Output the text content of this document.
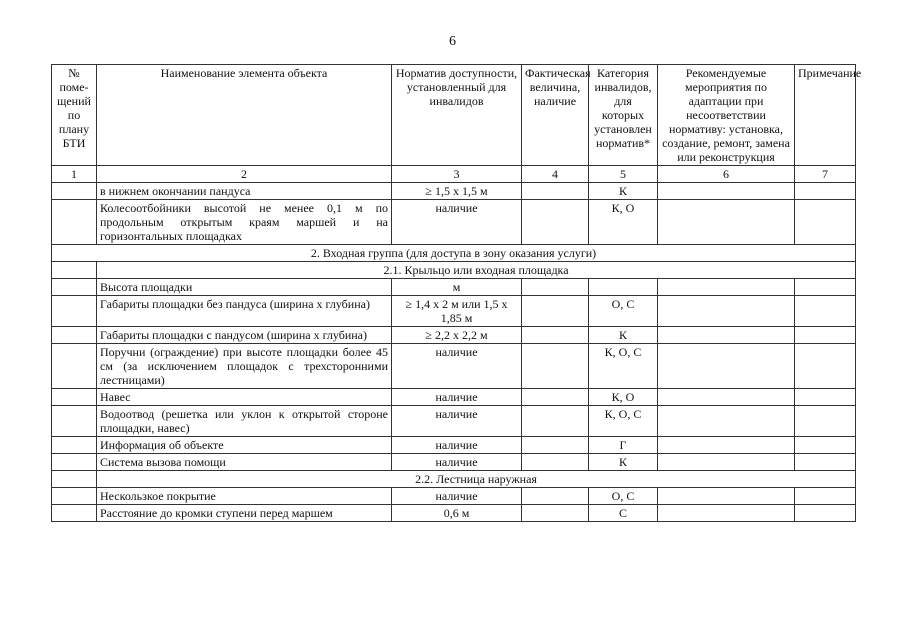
6
№ поме-щений по плану БТИ	Наименование элемента объекта	Норматив доступности, установленный для инвалидов	Фактическая величина, наличие	Категория инвалидов, для которых установлен норматив*	Рекомендуемые мероприятия по адаптации при несоответствии нормативу: установка, создание, ремонт, замена или реконструкция	Примечание
1	2	3	4	5	6	7
	в нижнем окончании пандуса	≥ 1,5 x 1,5 м		К		
	Колесоотбойники высотой не менее 0,1 м по продольным открытым краям маршей и на горизонтальных площадках	наличие		К, О		
2. Входная группа (для доступа в зону оказания услуги)						
	2.1. Крыльцо или входная площадка					
	Высота площадки	м				
	Габариты площадки без пандуса (ширина x глубина)	≥ 1,4 x 2 м или 1,5 x 1,85 м		О, С		
	Габариты площадки с пандусом (ширина x глубина)	≥ 2,2 x 2,2 м		К		
	Поручни (ограждение) при высоте площадки более 45 см (за исключением площадок с трехсторонними лестницами)	наличие		К, О, С		
	Навес	наличие		К, О		
	Водоотвод (решетка или уклон к открытой стороне площадки, навес)	наличие		К, О, С		
	Информация об объекте	наличие		Г		
	Система вызова помощи	наличие		К		
	2.2. Лестница наружная					
	Нескользкое покрытие	наличие		О, С		
	Расстояние до кромки ступени перед маршем	0,6 м		С		
